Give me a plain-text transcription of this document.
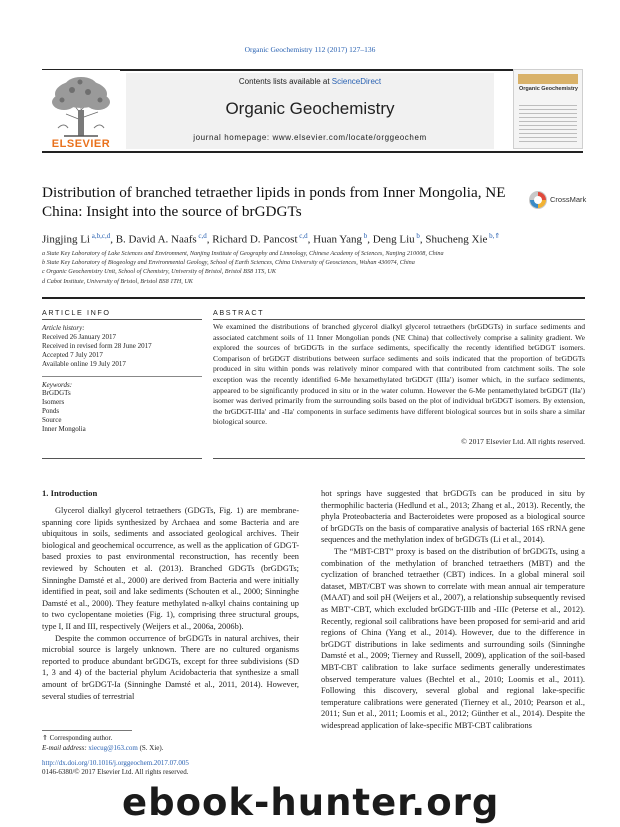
Organic Geochemistry 112 (2017) 127–136
ELSEVIER
Contents lists available at ScienceDirect
Organic Geochemistry
journal homepage: www.elsevier.com/locate/orggeochem
Organic Geochemistry
Distribution of branched tetraether lipids in ponds from Inner Mongolia, NE China: Insight into the source of brGDGTs
CrossMark
Jingjing Li $^{a,b,c,d}$, B. David A. Naafs $^{c,d}$, Richard D. Pancost $^{c,d}$, Huan Yang $^b$, Deng Liu $^b$, Shucheng Xie $^{b,⇑}$
a State Key Laboratory of Lake Sciences and Environment, Nanjing Institute of Geography and Limnology, Chinese Academy of Sciences, Nanjing 210008, China
b State Key Laboratory of Biogeology and Environmental Geology, School of Earth Sciences, China University of Geosciences, Wuhan 430074, China
c Organic Geochemistry Unit, School of Chemistry, University of Bristol, Bristol BS8 1TS, UK
d Cabot Institute, University of Bristol, Bristol BS8 1TH, UK
ARTICLE INFO
Article history:
Received 26 January 2017
Received in revised form 28 June 2017
Accepted 7 July 2017
Available online 19 July 2017
Keywords:
BrGDGTs
Isomers
Ponds
Source
Inner Mongolia
ABSTRACT
We examined the distributions of branched glycerol dialkyl glycerol tetraethers (brGDGTs) in surface sediments and associated catchment soils of 11 Inner Mongolian ponds (NE China) that collectively comprise a salinity gradient. We explored the sources of brGDGTs in the surface sediments, specifically the recently identified brGDGT isomers. Comparison of brGDGT distributions between surface sediments and soils indicated that the proportion of brGDGTs produced in situ within ponds was relatively minor compared with that contributed from catchment soils. The sole exception was the recently identified 6-Me hexamethylated brGDGT (IIIa′) isomer which, in the surface sediments, appeared to be significantly produced in situ or in the water column. However the 6-Me pentamethylated brGDGT (IIa′) isomer was derived primarily from the surrounding soils based on the plot of individual brGDGT isomers. By extension, the brGDGT-IIIa′ and -IIa′ components in surface sediments have different biological sources but in soils share a similar biological source.
© 2017 Elsevier Ltd. All rights reserved.
1. Introduction

Glycerol dialkyl glycerol tetraethers (GDGTs, Fig. 1) are membrane-spanning core lipids synthesized by Archaea and some Bacteria and are ubiquitous in soils, sediments and associated geological archives. Their biological and geochemical occurrence, as well as the application of GDGT-based proxies to past environmental reconstruction, has recently been reviewed by Schouten et al. (2013). Branched GDGTs (brGDGTs; Sinninghe Damsté et al., 2000) are derived from Bacteria and were initially identified in peat, soil and lake sediments (Schouten et al., 2000; Sinninghe Damsté et al., 2000). They feature methylated n-alkyl chains containing up to two cyclopentane moieties (Fig. 1), comprising three structural groups, type I, II and III, respectively (Weijers et al., 2006a, 2006b).

Despite the common occurrence of brGDGTs in natural archives, their microbial source is largely unknown. There are no cultured organisms reported to produce abundant brGDGTs, except for three subdivisions (SD 1, 3 and 4) of the bacterial phylum Acidobacteria that synthesize a small amount of brGDGT-Ia (Sinninghe Damsté et al., 2011, 2014). However, several studies of terrestrial

hot springs have suggested that brGDGTs can be produced in situ by thermophilic bacteria (Hedlund et al., 2013; Zhang et al., 2013). Recently, the phyla Proteobacteria and Bacteroidetes were proposed as a biological source of brGDGTs on the basis of comparative analysis of bacterial 16S rRNA gene sequences and the methylation index of brGDGTs (Li et al., 2014).

The “MBT-CBT” proxy is based on the distribution of brGDGTs, using a combination of the methylation of branched tetraethers (MBT) and the cyclization of branched tetraether (CBT) indices. In a global mineral soil dataset, MBT/CBT was shown to correlate with mean annual air temperature (MAAT) and soil pH (Weijers et al., 2007), a relationship subsequently revised as MBT′-CBT, which excluded brGDGT-IIIb and -IIIc (Peterse et al., 2012). Recently, regional soil calibrations have been proposed for semi-arid and arid regions of China (Yang et al., 2014). However, due to the difference in brGDGT distributions in lake sediments and surrounding soils (Sinninghe Damsté et al., 2009; Tierney and Russell, 2009), application of the soil-based MBT-CBT calibration to lake surface sediments generally underestimates observed temperature values (Bechtel et al., 2010; Loomis et al., 2011). Following this discovery, several global and regional lake-specific temperature calibrations were generated (Tierney et al., 2010; Pearson et al., 2011; Sun et al., 2011; Loomis et al., 2012; Günther et al., 2014). Despite the widespread application of lake-specific MBT-CBT calibrations

⇑ Corresponding author.
E-mail address: xiecug@163.com (S. Xie).
http://dx.doi.org/10.1016/j.orggeochem.2017.07.005
0146-6380/© 2017 Elsevier Ltd. All rights reserved.
ebook-hunter.org
